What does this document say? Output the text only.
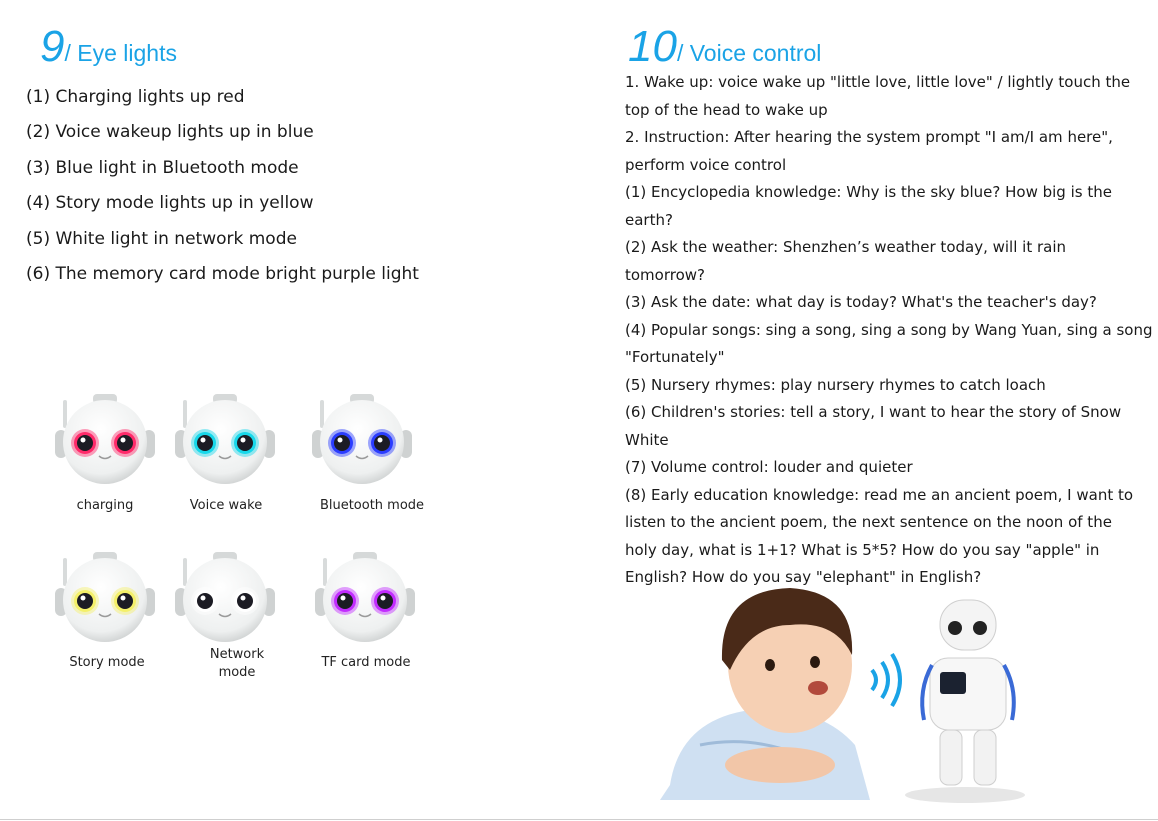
9/ Eye lights
(1) Charging lights up red
(2) Voice wakeup lights up in blue
(3) Blue light in Bluetooth mode
(4) Story mode lights up in yellow
(5) White light in network mode
(6) The memory card mode bright purple light
charging	Voice wake	Bluetooth mode
Story mode
Network
mode
TF card mode
10/ Voice control
1. Wake up: voice wake up "little love, little love" / lightly touch the
top of the head to wake up
2. Instruction: After hearing the system prompt "I am/I am here",
perform voice control
(1) Encyclopedia knowledge: Why is the sky blue? How big is the
earth?
(2) Ask the weather: Shenzhen’s weather today, will it rain
tomorrow?
(3) Ask the date: what day is today? What's the teacher's day?
(4) Popular songs: sing a song, sing a song by Wang Yuan, sing a song
"Fortunately"
(5) Nursery rhymes: play nursery rhymes to catch loach
(6) Children's stories: tell a story, I want to hear the story of Snow
White
(7) Volume control: louder and quieter
(8) Early education knowledge: read me an ancient poem, I want to
listen to the ancient poem, the next sentence on the noon of the
holy day, what is 1+1? What is 5*5? How do you say "apple" in
English? How do you say "elephant" in English?
